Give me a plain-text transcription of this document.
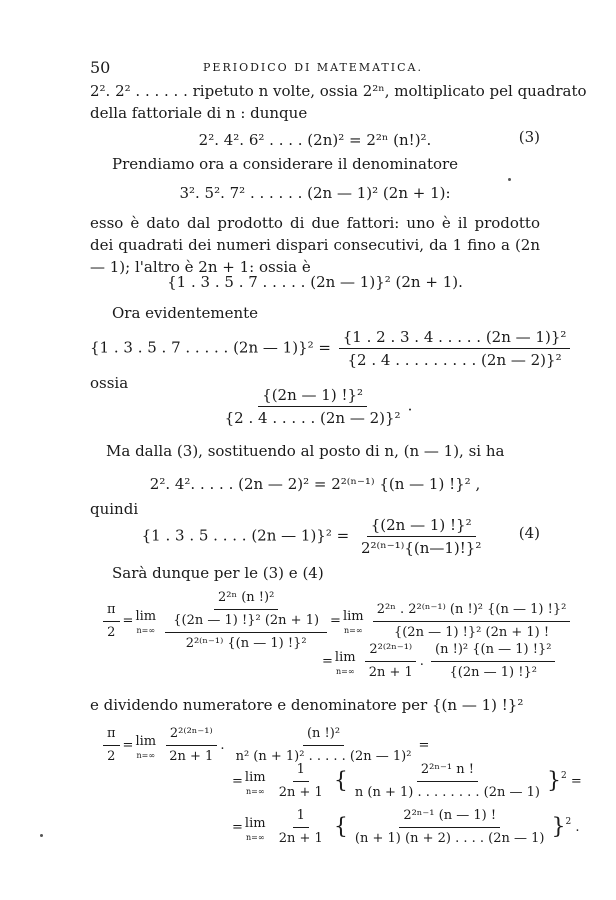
50	PERIODICO DI MATEMATICA.
2². 2² . . . . . . ripetuto n volte, ossia 2²ⁿ, moltiplicato pel quadrato
della fattoriale di n : dunque
2². 4². 6² . . . . (2n)² = 2²ⁿ (n!)².	(3)
Prendiamo ora a considerare il denominatore
3². 5². 7² . . . . . . (2n — 1)² (2n + 1):
esso è dato dal prodotto di due fattori: uno è il prodotto dei quadrati dei numeri dispari consecutivi, da 1 fino a (2n — 1); l'altro è 2n + 1: ossia è
{1 . 3 . 5 . 7 . . . . . (2n — 1)}² (2n + 1).
Ora evidentemente
{1 . 3 . 5 . 7 . . . . . (2n — $1)\}^2 = \frac{\text{\{1 . 2 . 3 . 4 . . . . . (2n — 1)\}²}}{\text{\{2 . 4 . . . . . . . . . (2n — 2)\}²}}$
ossia
$\frac{\text{\{(2n — 1) !\}²}}{\text{\{2 . 4 . . . . . (2n — 2)\}²}}$ .
Ma dalla (3), sostituendo al posto di n, (n — 1), si ha
2². 4². . . . . (2n — 2)² = 2²⁽ⁿ⁻¹⁾ {(n — 1) !}² ,
quindi
{1 . 3 . 5 . . . . (2n — $1)\}^2 = \frac{\text{\{(2n — 1) !\}²}}{\text{2²⁽ⁿ⁻¹⁾\{(n—1)!\}²}} (4)$
Sarà dunque per le (3) e (4)
$\frac{\pi}{2} = \lim$
n=∞
$\frac{\frac{\text{2²ⁿ (n !)²}}{\text{\{(2n — 1) !\}² (2n + 1)}}}{\text{2²⁽ⁿ⁻¹⁾ \{(n — 1) !\}²}} = \lim$
n=∞
$\frac{\text{2²ⁿ . 2²⁽ⁿ⁻¹⁾ (n !)² \{(n — 1) !\}²}}{\text{\{(2n — 1) !\}² (2n + 1) !}}$
= lim
n=∞
$\frac{\text{2²⁽²ⁿ⁻¹⁾}}{2n + 1}$ . $\frac{\text{(n !)² \{(n — 1) !\}²}}{\text{\{(2n — 1) !\}²}}$
e dividendo numeratore e denominatore per {(n — 1) !}²
$\frac{\pi}{2} = \lim$
n=∞
$\frac{\text{2²⁽²ⁿ⁻¹⁾}}{2n + 1}$ . $\frac{\text{(n !)²}}{\text{n² (n + 1)² . . . . . (2n — 1)²}}$ =
= lim
n=∞
$\frac{1}{2n + 1}$ { $\frac{\text{2²ⁿ⁻¹ n !}}{n (n + 1) . . . . . . . . (2n — 1)} \}^2$ =
= lim
n=∞
$\frac{1}{2n + 1}$ { $\frac{\text{2²ⁿ⁻¹ (n — 1) !}}{(n + 1) (n + 2) . . . . (2n — 1)} \}^2$ .
